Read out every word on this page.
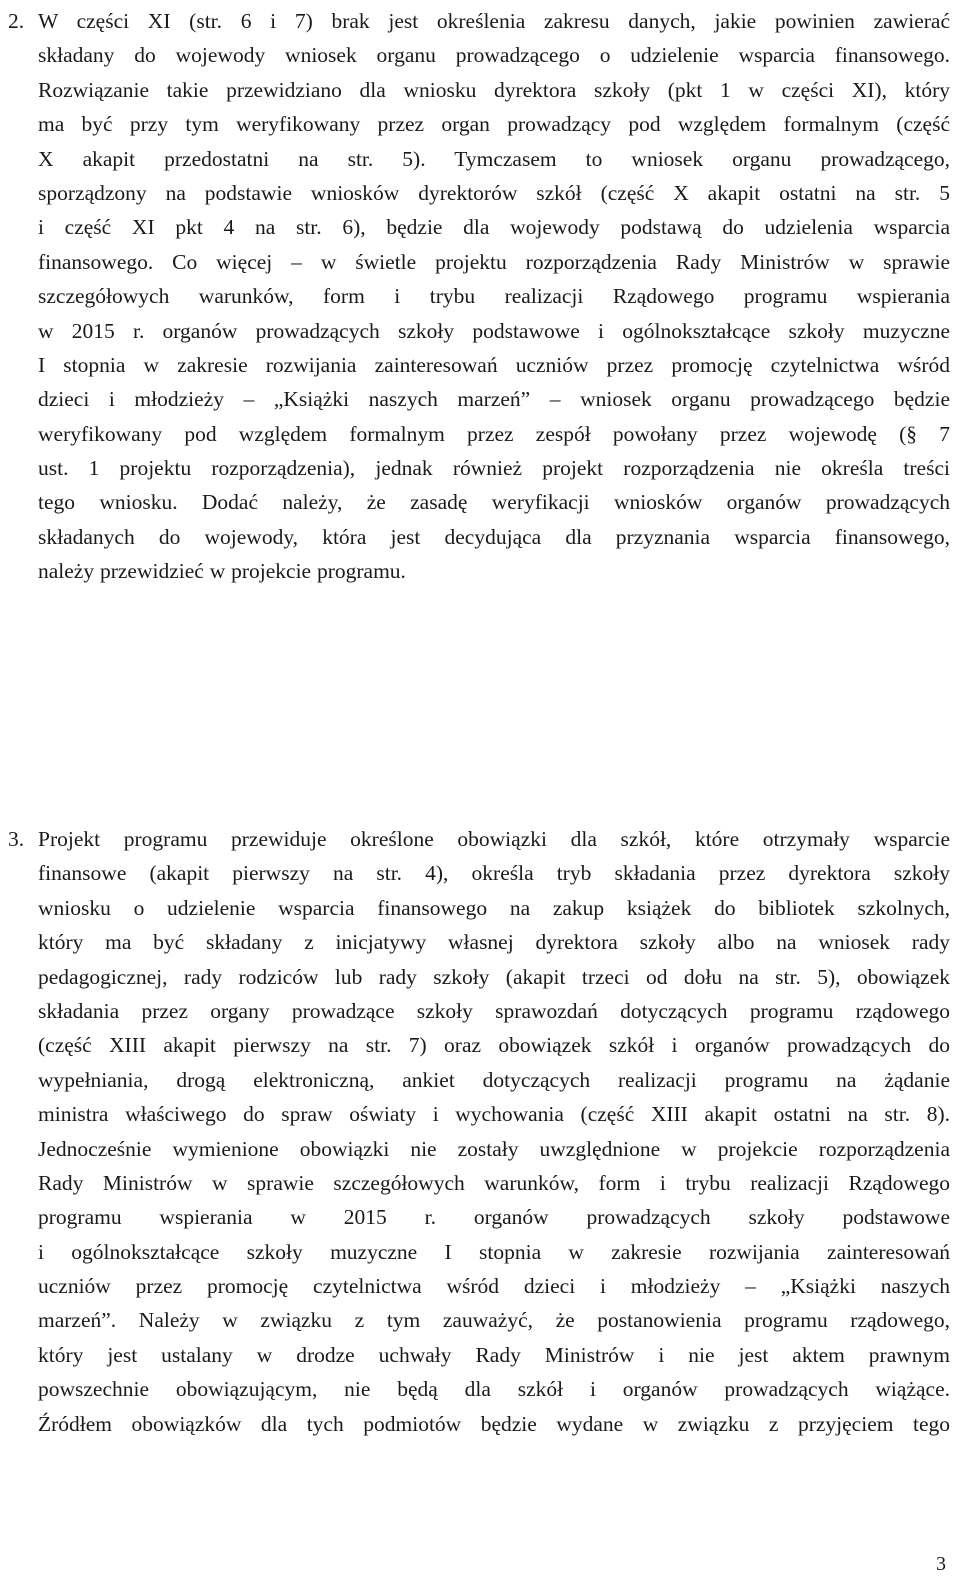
2. W części XI (str. 6 i 7) brak jest określenia zakresu danych, jakie powinien zawierać
składany do wojewody wniosek organu prowadzącego o udzielenie wsparcia finansowego.
Rozwiązanie takie przewidziano dla wniosku dyrektora szkoły (pkt 1 w części XI), który
ma być przy tym weryfikowany przez organ prowadzący pod względem formalnym (część
X akapit przedostatni na str. 5). Tymczasem to wniosek organu prowadzącego,
sporządzony na podstawie wniosków dyrektorów szkół (część X akapit ostatni na str. 5
i część XI pkt 4 na str. 6), będzie dla wojewody podstawą do udzielenia wsparcia
finansowego. Co więcej – w świetle projektu rozporządzenia Rady Ministrów w sprawie
szczegółowych warunków, form i trybu realizacji Rządowego programu wspierania
w 2015 r. organów prowadzących szkoły podstawowe i ogólnokształcące szkoły muzyczne
I stopnia w zakresie rozwijania zainteresowań uczniów przez promocję czytelnictwa wśród
dzieci i młodzieży – „Książki naszych marzeń” – wniosek organu prowadzącego będzie
weryfikowany pod względem formalnym przez zespół powołany przez wojewodę (§ 7
ust. 1 projektu rozporządzenia), jednak również projekt rozporządzenia nie określa treści
tego wniosku. Dodać należy, że zasadę weryfikacji wniosków organów prowadzących
składanych do wojewody, która jest decydująca dla przyznania wsparcia finansowego,
należy przewidzieć w projekcie programu.
3. Projekt programu przewiduje określone obowiązki dla szkół, które otrzymały wsparcie
finansowe (akapit pierwszy na str. 4), określa tryb składania przez dyrektora szkoły
wniosku o udzielenie wsparcia finansowego na zakup książek do bibliotek szkolnych,
który ma być składany z inicjatywy własnej dyrektora szkoły albo na wniosek rady
pedagogicznej, rady rodziców lub rady szkoły (akapit trzeci od dołu na str. 5), obowiązek
składania przez organy prowadzące szkoły sprawozdań dotyczących programu rządowego
(część XIII akapit pierwszy na str. 7) oraz obowiązek szkół i organów prowadzących do
wypełniania, drogą elektroniczną, ankiet dotyczących realizacji programu na żądanie
ministra właściwego do spraw oświaty i wychowania (część XIII akapit ostatni na str. 8).
Jednocześnie wymienione obowiązki nie zostały uwzględnione w projekcie rozporządzenia
Rady Ministrów w sprawie szczegółowych warunków, form i trybu realizacji Rządowego
programu wspierania w 2015 r. organów prowadzących szkoły podstawowe
i ogólnokształcące szkoły muzyczne I stopnia w zakresie rozwijania zainteresowań
uczniów przez promocję czytelnictwa wśród dzieci i młodzieży – „Książki naszych
marzeń”. Należy w związku z tym zauważyć, że postanowienia programu rządowego,
który jest ustalany w drodze uchwały Rady Ministrów i nie jest aktem prawnym
powszechnie obowiązującym, nie będą dla szkół i organów prowadzących wiążące.
Źródłem obowiązków dla tych podmiotów będzie wydane w związku z przyjęciem tego
3
